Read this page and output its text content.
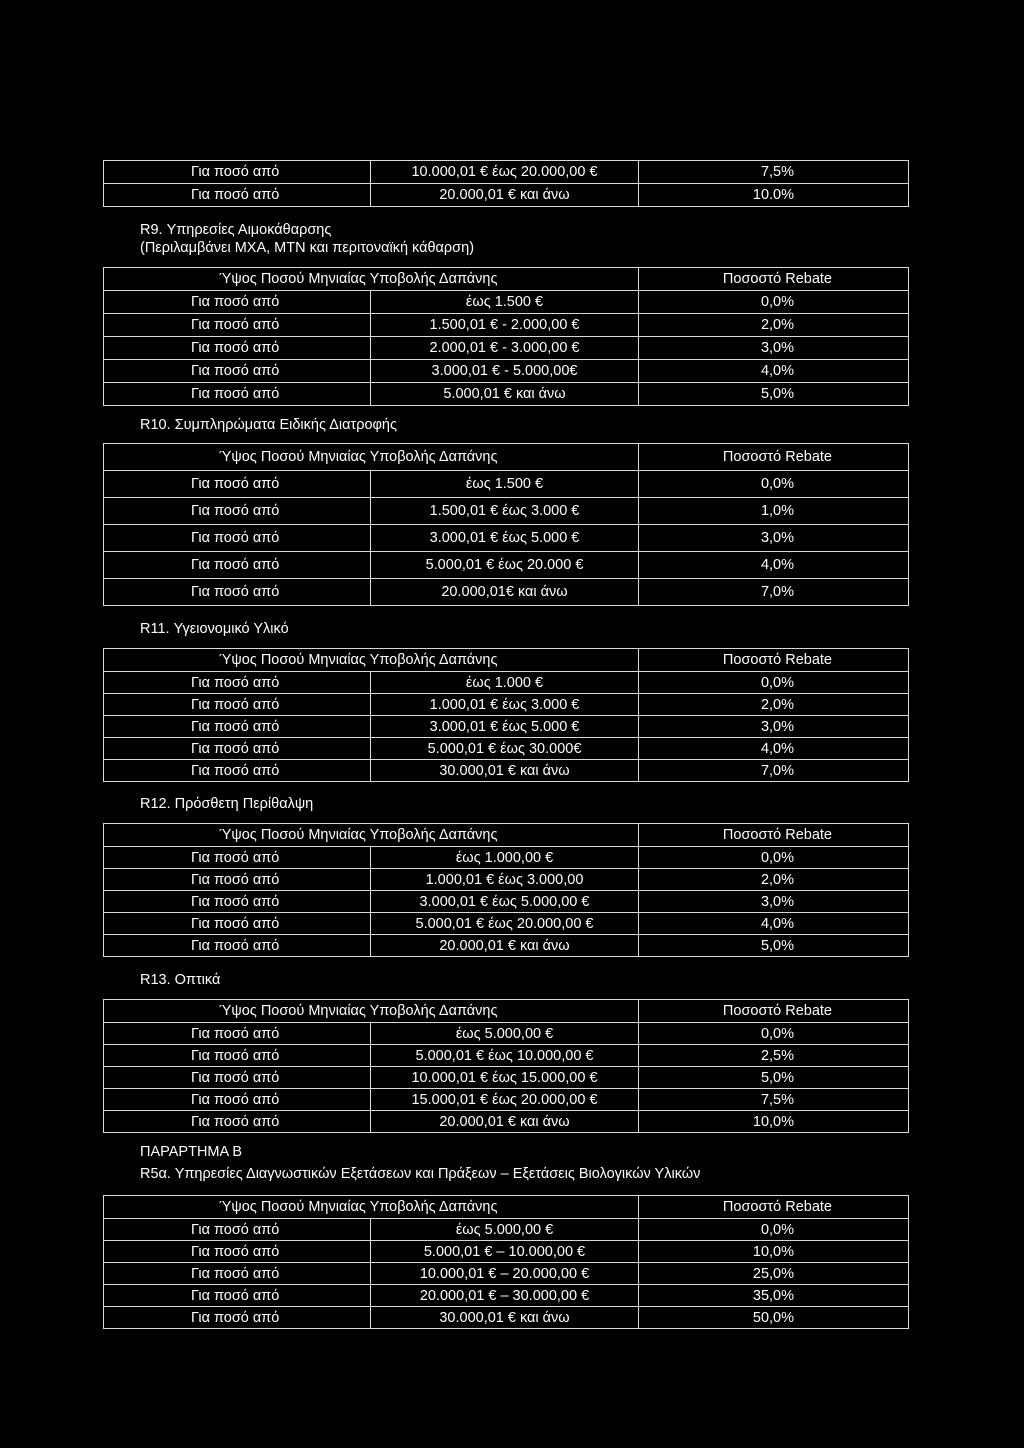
Για ποσό από	10.000,01 € έως 20.000,00 €	7,5%
Για ποσό από	20.000,01 € και άνω	10.0%
R9. Υπηρεσίες Αιμοκάθαρσης
(Περιλαμβάνει ΜΧΑ, ΜΤΝ και περιτοναϊκή κάθαρση)
Ύψος Ποσού Μηνιαίας Υποβολής Δαπάνης		Ποσοστό Rebate
Για ποσό από	έως 1.500 €	0,0%
Για ποσό από	1.500,01 € - 2.000,00 €	2,0%
Για ποσό από	2.000,01 € - 3.000,00 €	3,0%
Για ποσό από	3.000,01 € - 5.000,00€	4,0%
Για ποσό από	5.000,01 € και άνω	5,0%
R10. Συμπληρώματα Ειδικής Διατροφής
Ύψος Ποσού Μηνιαίας Υποβολής Δαπάνης		Ποσοστό Rebate
Για ποσό από	έως 1.500 €	0,0%
Για ποσό από	1.500,01 € έως 3.000 €	1,0%
Για ποσό από	3.000,01 € έως 5.000 €	3,0%
Για ποσό από	5.000,01 € έως 20.000 €	4,0%
Για ποσό από	20.000,01€ και άνω	7,0%
R11. Υγειονομικό Υλικό
Ύψος Ποσού Μηνιαίας Υποβολής Δαπάνης		Ποσοστό Rebate
Για ποσό από	έως 1.000 €	0,0%
Για ποσό από	1.000,01 € έως 3.000 €	2,0%
Για ποσό από	3.000,01 € έως 5.000 €	3,0%
Για ποσό από	5.000,01 € έως 30.000€	4,0%
Για ποσό από	30.000,01 € και άνω	7,0%
R12. Πρόσθετη Περίθαλψη
Ύψος Ποσού Μηνιαίας Υποβολής Δαπάνης		Ποσοστό Rebate
Για ποσό από	έως 1.000,00 €	0,0%
Για ποσό από	1.000,01 € έως 3.000,00	2,0%
Για ποσό από	3.000,01 € έως 5.000,00 €	3,0%
Για ποσό από	5.000,01 € έως 20.000,00 €	4,0%
Για ποσό από	20.000,01 € και άνω	5,0%
R13. Οπτικά
Ύψος Ποσού Μηνιαίας Υποβολής Δαπάνης		Ποσοστό Rebate
Για ποσό από	έως 5.000,00 €	0,0%
Για ποσό από	5.000,01 € έως 10.000,00 €	2,5%
Για ποσό από	10.000,01 € έως 15.000,00 €	5,0%
Για ποσό από	15.000,01 € έως 20.000,00 €	7,5%
Για ποσό από	20.000,01 € και άνω	10,0%
ΠΑΡΑΡΤΗΜΑ Β
R5α. Υπηρεσίες Διαγνωστικών Εξετάσεων και Πράξεων – Εξετάσεις Βιολογικών Υλικών
Ύψος Ποσού Μηνιαίας Υποβολής Δαπάνης		Ποσοστό Rebate
Για ποσό από	έως 5.000,00 €	0,0%
Για ποσό από	5.000,01 € – 10.000,00 €	10,0%
Για ποσό από	10.000,01 € – 20.000,00 €	25,0%
Για ποσό από	20.000,01 € – 30.000,00 €	35,0%
Για ποσό από	30.000,01 € και άνω	50,0%
